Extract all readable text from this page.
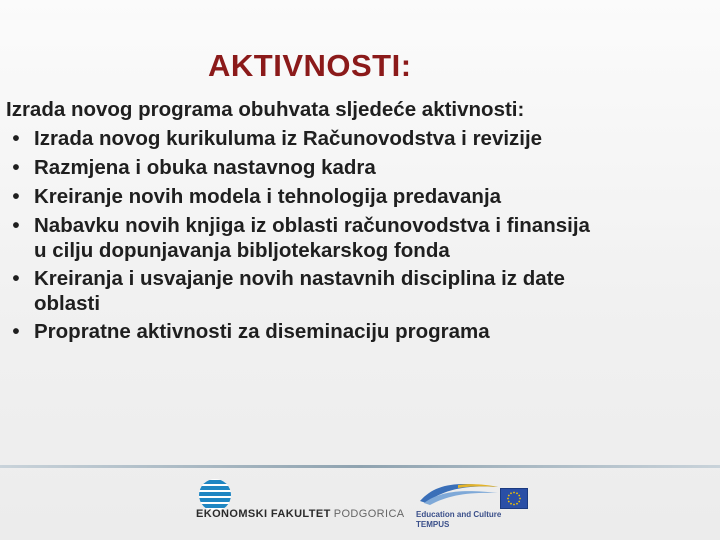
AKTIVNOSTI:

Izrada novog programa obuhvata sljedeće aktivnosti:

• Izrada novog kurikuluma iz Računovodstva i revizije
• Razmjena i obuka nastavnog kadra
• Kreiranje novih modela i tehnologija predavanja
• Nabavku novih knjiga iz oblasti računovodstva i finansija
u cilju dopunjavanja bibljotekarskog fonda
• Kreiranja i usvajanje novih nastavnih disciplina iz date
oblasti
• Propratne aktivnosti za diseminaciju programa
EKONOMSKI FAKULTET PODGORICA Education and Culture
TEMPUS
